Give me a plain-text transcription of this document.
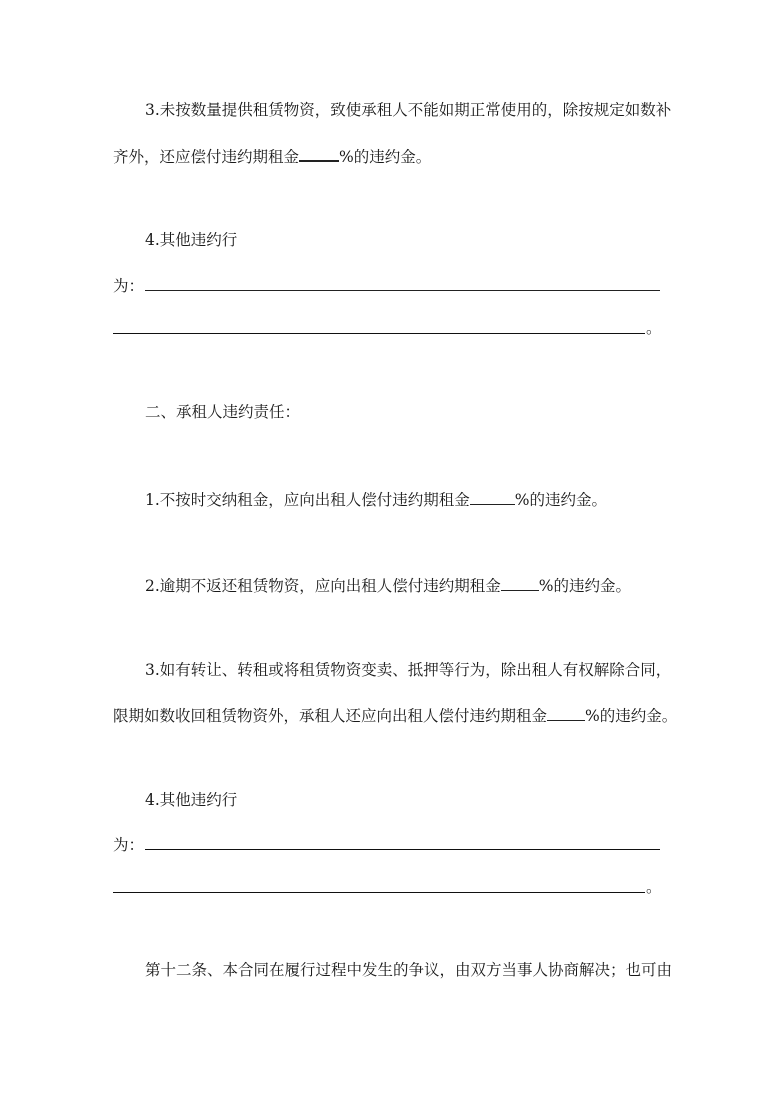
3.未按数量提供租赁物资，致使承租人不能如期正常使用的，除按规定如数补
齐外，还应偿付违约期租金	%的违约金。
4.其他违约行
为：
。
二、承租人违约责任：
1.不按时交纳租金，应向出租人偿付违约期租金	%的违约金。
2.逾期不返还租赁物资，应向出租人偿付违约期租金 %的违约金。
3.如有转让、转租或将租赁物资变卖、抵押等行为，除出租人有权解除合同，
限期如数收回租赁物资外，承租人还应向出租人偿付违约期租金 %的违约金。
4.其他违约行
为：
。
第十二条、本合同在履行过程中发生的争议，由双方当事人协商解决；也可由
